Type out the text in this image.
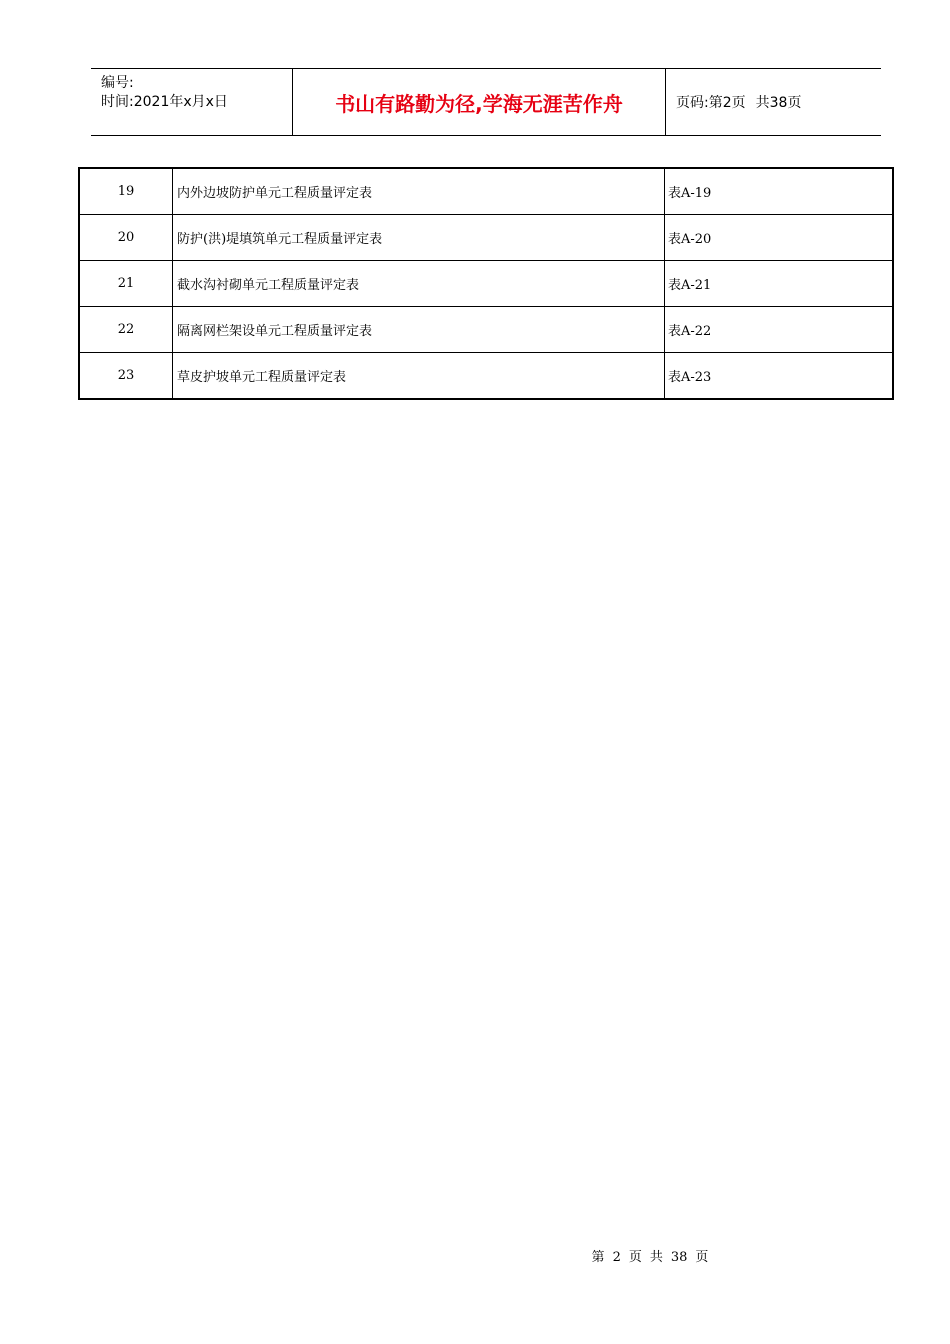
编号:
时间:2021年x月x日	书山有路勤为径,学海无涯苦作舟	页码:第2页 共38页
19	内外边坡防护单元工程质量评定表	表A-19
20	防护(洪)堤填筑单元工程质量评定表	表A-20
21	截水沟衬砌单元工程质量评定表	表A-21
22	隔离网栏架设单元工程质量评定表	表A-22
23	草皮护坡单元工程质量评定表	表A-23
第 2 页 共 38 页
